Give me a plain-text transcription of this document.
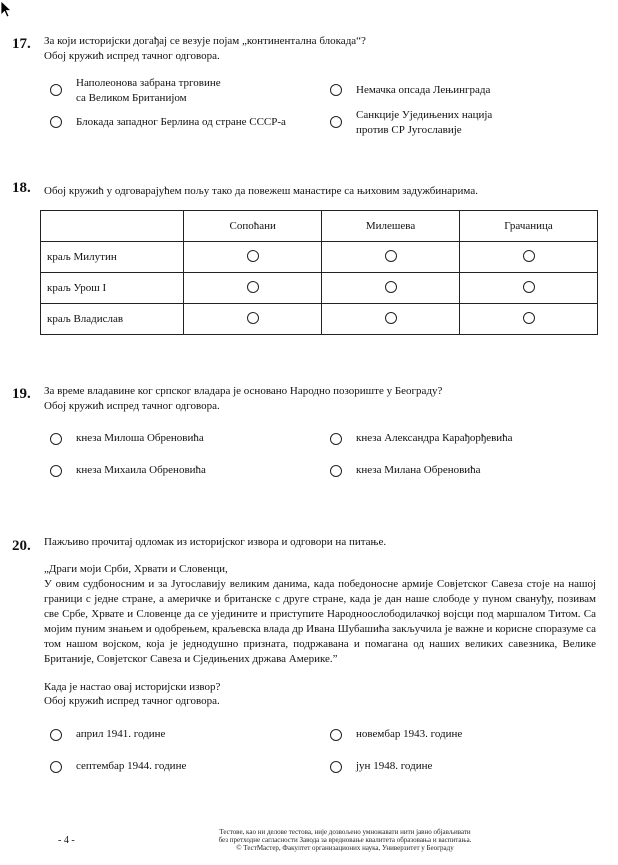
17. За који историјски догађај се везује појам „континентална блокада“?
Обој кружић испред тачног одговора.
Наполеонова забрана трговине
са Великом Британијом
Немачка опсада Лењинграда
Блокада западног Берлина од стране СССР-а
Санкције Уједињених нација
против СР Југославије
18. Обој кружић у одговарајућем пољу тако да повежеш манастире са њиховим задужбинарима.
	Сопоћани	Милешева	Грачаница
краљ Милутин			
краљ Урош I			
краљ Владислав			
19. За време владавине ког српског владара је основано Народно позориште у Београду?
Обој кружић испред тачног одговора.
кнеза Милоша Обреновића	кнеза Александра Карађорђевића
кнеза Михаила Обреновића	кнеза Милана Обреновића
20. Пажљиво прочитај одломак из историјског извора и одговори на питање.
„Драги моји Срби, Хрвати и Словенци,
У овим судбоносним и за Југославију великим данима, када победоносне армије Совјетског Савеза стоје на нашој граници с једне стране, а америчке и британске с друге стране, када је дан наше слободе у пуном свануђу, позивам све Србе, Хрвате и Словенце да се уједините и приступите Народноослободилачкој војсци под маршалом Титом. Са мојим пуним знањем и одобрењем, краљевска влада др Ивана Шубашића закључила је важне и корисне споразуме са том нашом војском, која је једнодушно призната, подржавана и помагана од наших великих савезника, Велике Британије, Совјетског Савеза и Сједињених држава Америке.”
Када је настао овај историјски извор?
Обој кружић испред тачног одговора.
април 1941. године	новембар 1943. године
септембар 1944. године	јун 1948. године
- 4 -
Тестове, као ни делове тестова, није дозвољено умножавати нити јавно објављивати
без претходне сагласности Завода за вредновање квалитета образовања и васпитања.
© ТестМастер, Факултет организационих наука, Универзитет у Београду
